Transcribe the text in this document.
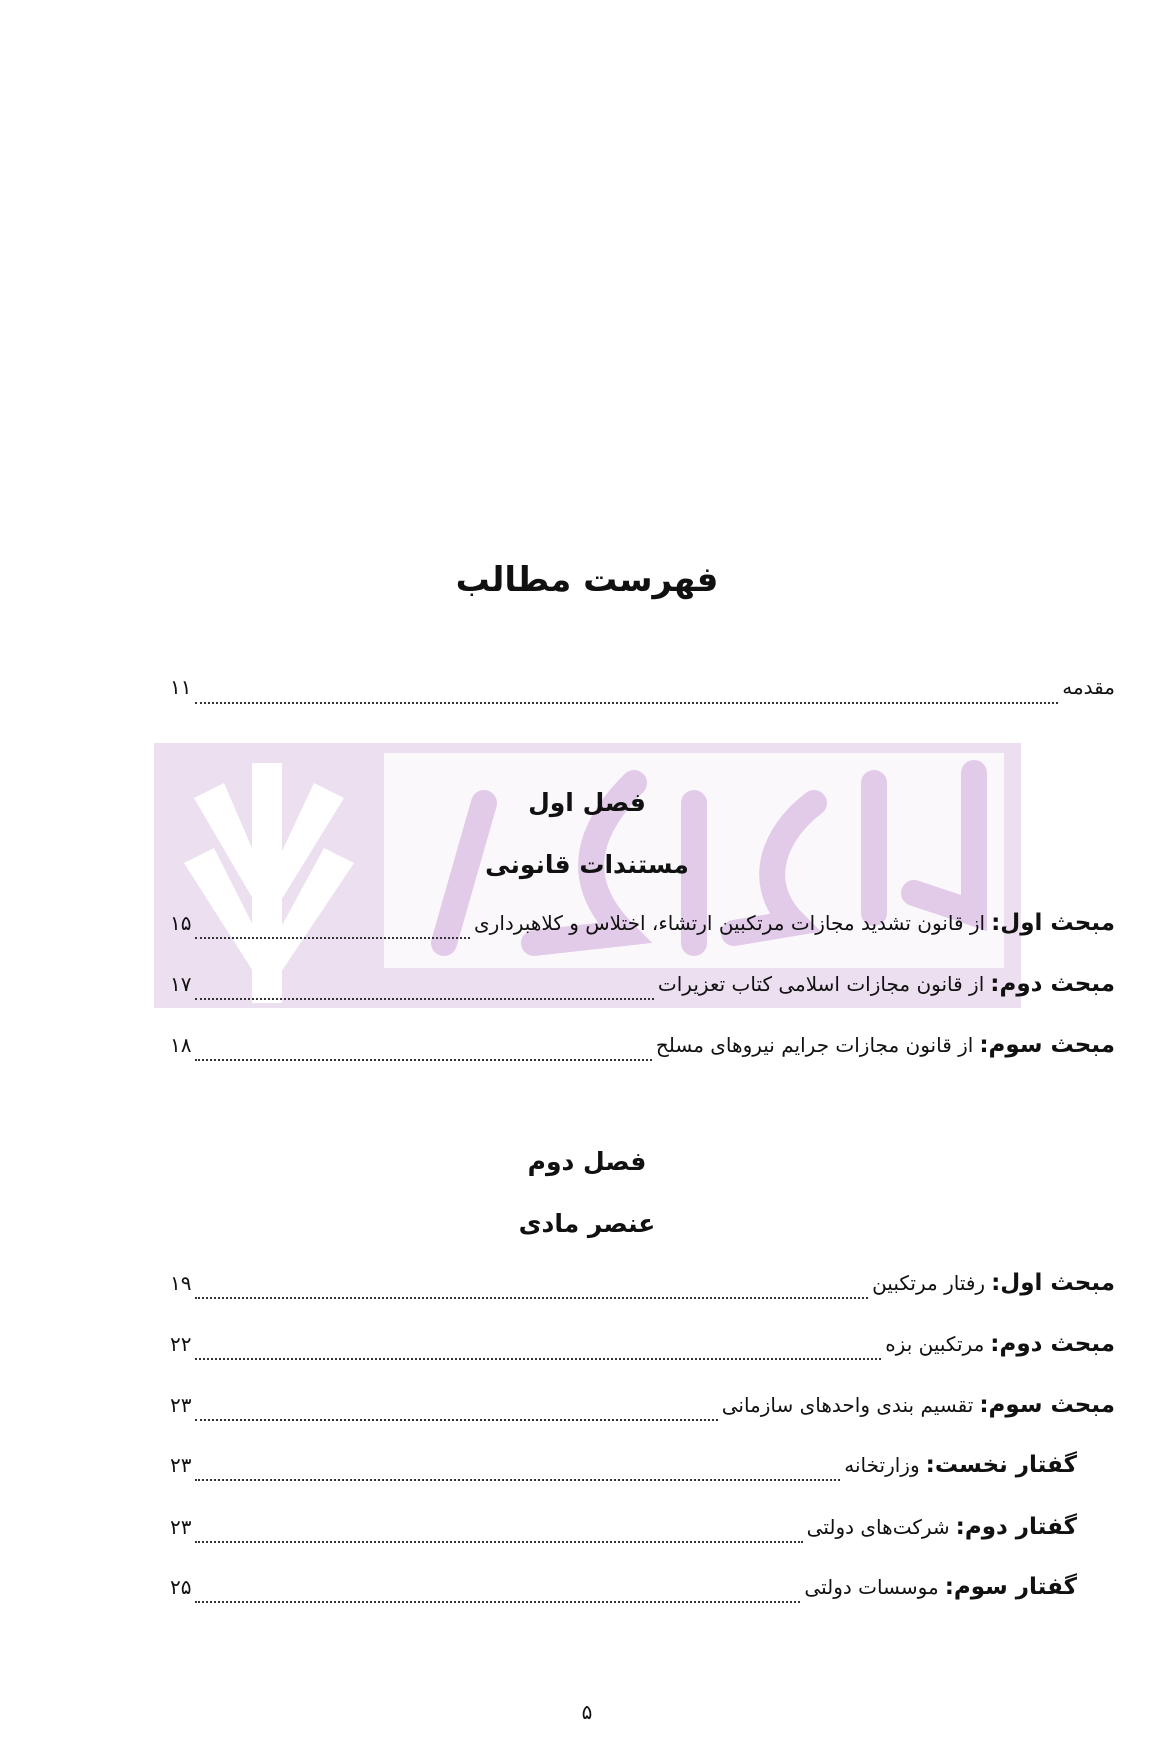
فهرست مطالب
مقدمه
۱۱
فصل اول
مستندات قانونی
مبحث اول:
از قانون تشدید مجازات مرتکبین ارتشاء، اختلاس و کلاهبرداری
۱۵
مبحث دوم:
از قانون مجازات اسلامی کتاب تعزیرات
۱۷
مبحث سوم:
از قانون مجازات جرایم نیروهای مسلح
۱۸
فصل دوم
عنصر مادی
مبحث اول:
رفتار مرتکبین
۱۹
مبحث دوم:
مرتکبین بزه
۲۲
مبحث سوم:
تقسیم بندی واحدهای سازمانی
۲۳
گفتار نخست:
وزارتخانه
۲۳
گفتار دوم:
شرکت‌های دولتی
۲۳
گفتار سوم:
موسسات دولتی
۲۵
۵
